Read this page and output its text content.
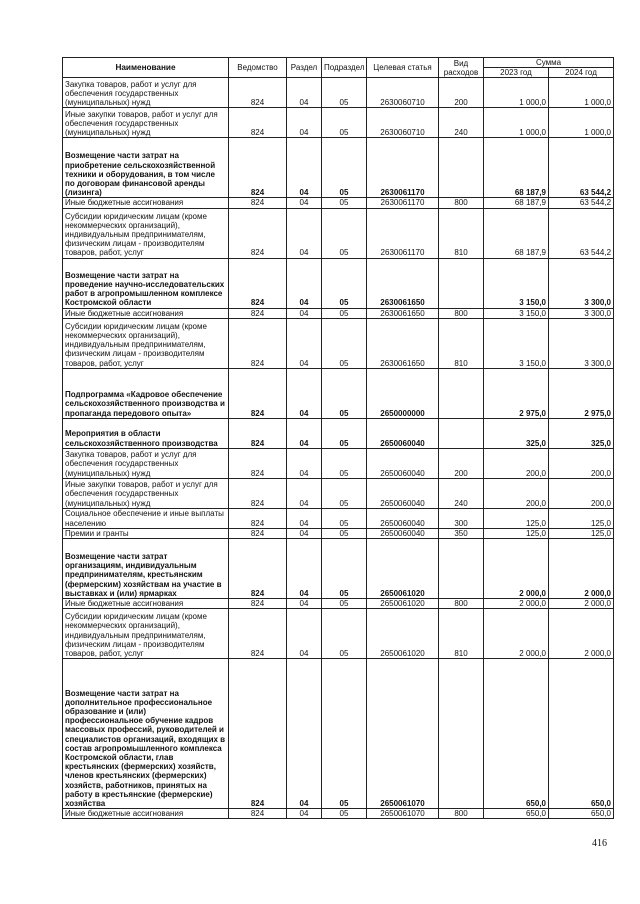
Наименование	Ведомство	Раздел	Подраздел	Целевая статья	Вид расходов	Сумма	
						2023 год	2024 год
Закупка товаров, работ и услуг для обеспечения государственных (муниципальных) нужд	824	04	05	2630060710	200	1 000,0	1 000,0
Иные закупки товаров, работ и услуг для обеспечения государственных (муниципальных) нужд	824	04	05	2630060710	240	1 000,0	1 000,0
Возмещение части затрат на приобретение сельскохозяйственной техники и оборудования, в том числе по договорам финансовой аренды (лизинга)	824	04	05	2630061170		68 187,9	63 544,2
Иные бюджетные ассигнования	824	04	05	2630061170	800	68 187,9	63 544,2
Субсидии юридическим лицам (кроме некоммерческих организаций), индивидуальным предпринимателям, физическим лицам - производителям товаров, работ, услуг	824	04	05	2630061170	810	68 187,9	63 544,2
Возмещение части затрат на проведение научно-исследовательских работ в агропромышленном комплексе Костромской области	824	04	05	2630061650		3 150,0	3 300,0
Иные бюджетные ассигнования	824	04	05	2630061650	800	3 150,0	3 300,0
Субсидии юридическим лицам (кроме некоммерческих организаций), индивидуальным предпринимателям, физическим лицам - производителям товаров, работ, услуг	824	04	05	2630061650	810	3 150,0	3 300,0
Подпрограмма «Кадровое обеспечение сельскохозяйственного производства и пропаганда передового опыта»	824	04	05	2650000000		2 975,0	2 975,0
Мероприятия в области сельскохозяйственного производства	824	04	05	2650060040		325,0	325,0
Закупка товаров, работ и услуг для обеспечения государственных (муниципальных) нужд	824	04	05	2650060040	200	200,0	200,0
Иные закупки товаров, работ и услуг для обеспечения государственных (муниципальных) нужд	824	04	05	2650060040	240	200,0	200,0
Социальное обеспечение и иные выплаты населению	824	04	05	2650060040	300	125,0	125,0
Премии и гранты	824	04	05	2650060040	350	125,0	125,0
Возмещение части затрат организациям, индивидуальным предпринимателям, крестьянским (фермерским) хозяйствам на участие в выставках и (или) ярмарках	824	04	05	2650061020		2 000,0	2 000,0
Иные бюджетные ассигнования	824	04	05	2650061020	800	2 000,0	2 000,0
Субсидии юридическим лицам (кроме некоммерческих организаций), индивидуальным предпринимателям, физическим лицам - производителям товаров, работ, услуг	824	04	05	2650061020	810	2 000,0	2 000,0
Возмещение части затрат на дополнительное профессиональное образование и (или) профессиональное обучение кадров массовых профессий, руководителей и специалистов организаций, входящих в состав агропромышленного комплекса Костромской области, глав крестьянских (фермерских) хозяйств, членов крестьянских (фермерских) хозяйств, работников, принятых на работу в крестьянские (фермерские) хозяйства	824	04	05	2650061070		650,0	650,0
Иные бюджетные ассигнования	824	04	05	2650061070	800	650,0	650,0
416
